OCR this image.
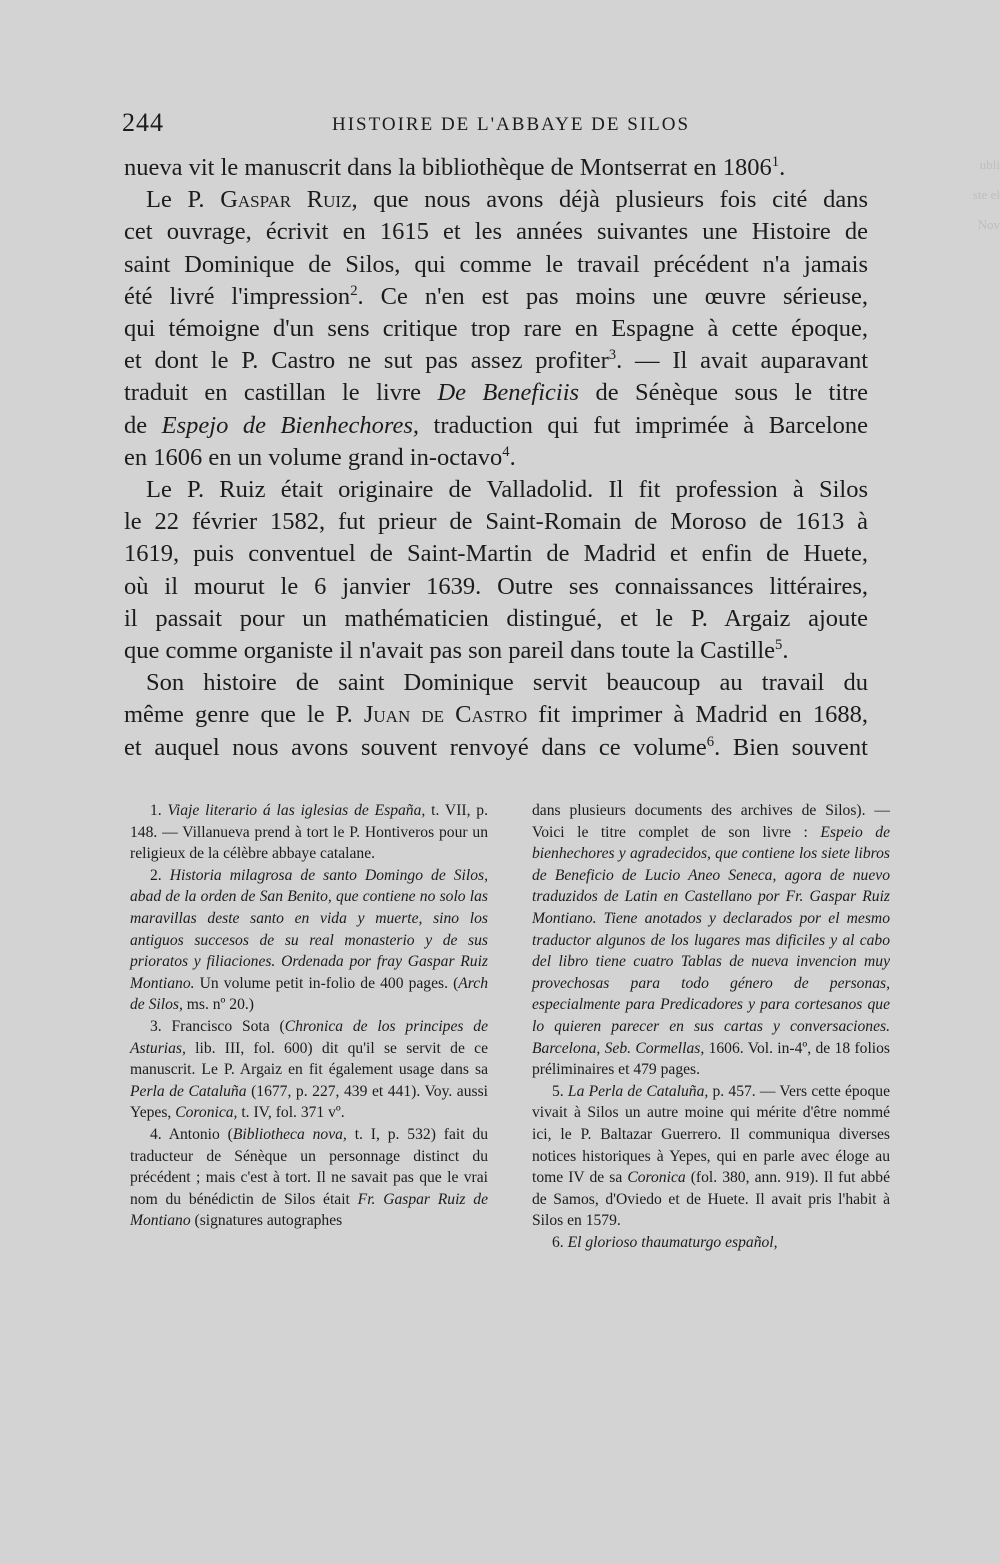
ubli
ste el
Nov
244	HISTOIRE DE L'ABBAYE DE SILOS

nueva vit le manuscrit dans la bibliothèque de Montserrat en 1806$^1$.

Le P. Gaspar Ruiz, que nous avons déjà plusieurs fois cité dans
cet ouvrage, écrivit en 1615 et les années suivantes une Histoire de
saint Dominique de Silos, qui comme le travail précédent n'a jamais
été livré l'impression$^2$. Ce n'en est pas moins une œuvre sérieuse,
qui témoigne d'un sens critique trop rare en Espagne à cette époque,
et dont le P. Castro ne sut pas assez profiter$^3$. — Il avait auparavant
traduit en castillan le livre De Beneficiis de Sénèque sous le titre
de Espejo de Bienhechores, traduction qui fut imprimée à Barcelone
en 1606 en un volume grand in-octavo$^4$.

Le P. Ruiz était originaire de Valladolid. Il fit profession à Silos
le 22 février 1582, fut prieur de Saint-Romain de Moroso de 1613 à
1619, puis conventuel de Saint-Martin de Madrid et enfin de Huete,
où il mourut le 6 janvier 1639. Outre ses connaissances littéraires,
il passait pour un mathématicien distingué, et le P. Argaiz ajoute
que comme organiste il n'avait pas son pareil dans toute la Castille$^5$.

Son histoire de saint Dominique servit beaucoup au travail du
même genre que le P. Juan de Castro fit imprimer à Madrid en 1688,
et auquel nous avons souvent renvoyé dans ce volume$^6$. Bien souvent

1. Viaje literario á las iglesias de España, t. VII, p. 148. — Villanueva prend à tort le P. Hontiveros pour un religieux de la célèbre abbaye catalane.

2. Historia milagrosa de santo Domingo de Silos, abad de la orden de San Benito, que contiene no solo las maravillas deste santo en vida y muerte, sino los antiguos succesos de su real monasterio y de sus prioratos y filiaciones. Ordenada por fray Gaspar Ruiz Montiano. Un volume petit in-folio de 400 pages. (Arch de Silos, ms. nº 20.)

3. Francisco Sota (Chronica de los principes de Asturias, lib. III, fol. 600) dit qu'il se servit de ce manuscrit. Le P. Argaiz en fit également usage dans sa Perla de Cataluña (1677, p. 227, 439 et 441). Voy. aussi Yepes, Coronica, t. IV, fol. 371 vº.

4. Antonio (Bibliotheca nova, t. I, p. 532) fait du traducteur de Sénèque un personnage distinct du précédent ; mais c'est à tort. Il ne savait pas que le vrai nom du bénédictin de Silos était Fr. Gaspar Ruiz de Montiano (signatures autographes

dans plusieurs documents des archives de Silos). — Voici le titre complet de son livre : Espeio de bienhechores y agradecidos, que contiene los siete libros de Beneficio de Lucio Aneo Seneca, agora de nuevo traduzidos de Latin en Castellano por Fr. Gaspar Ruiz Montiano. Tiene anotados y declarados por el mesmo traductor algunos de los lugares mas dificiles y al cabo del libro tiene cuatro Tablas de nueva invencion muy provechosas para todo género de personas, especialmente para Predicadores y para cortesanos que lo quieren parecer en sus cartas y conversaciones. Barcelona, Seb. Cormellas, 1606. Vol. in-4º, de 18 folios préliminaires et 479 pages.

5. La Perla de Cataluña, p. 457. — Vers cette époque vivait à Silos un autre moine qui mérite d'être nommé ici, le P. Baltazar Guerrero. Il communiqua diverses notices historiques à Yepes, qui en parle avec éloge au tome IV de sa Coronica (fol. 380, ann. 919). Il fut abbé de Samos, d'Oviedo et de Huete. Il avait pris l'habit à Silos en 1579.

6. El glorioso thaumaturgo español,
